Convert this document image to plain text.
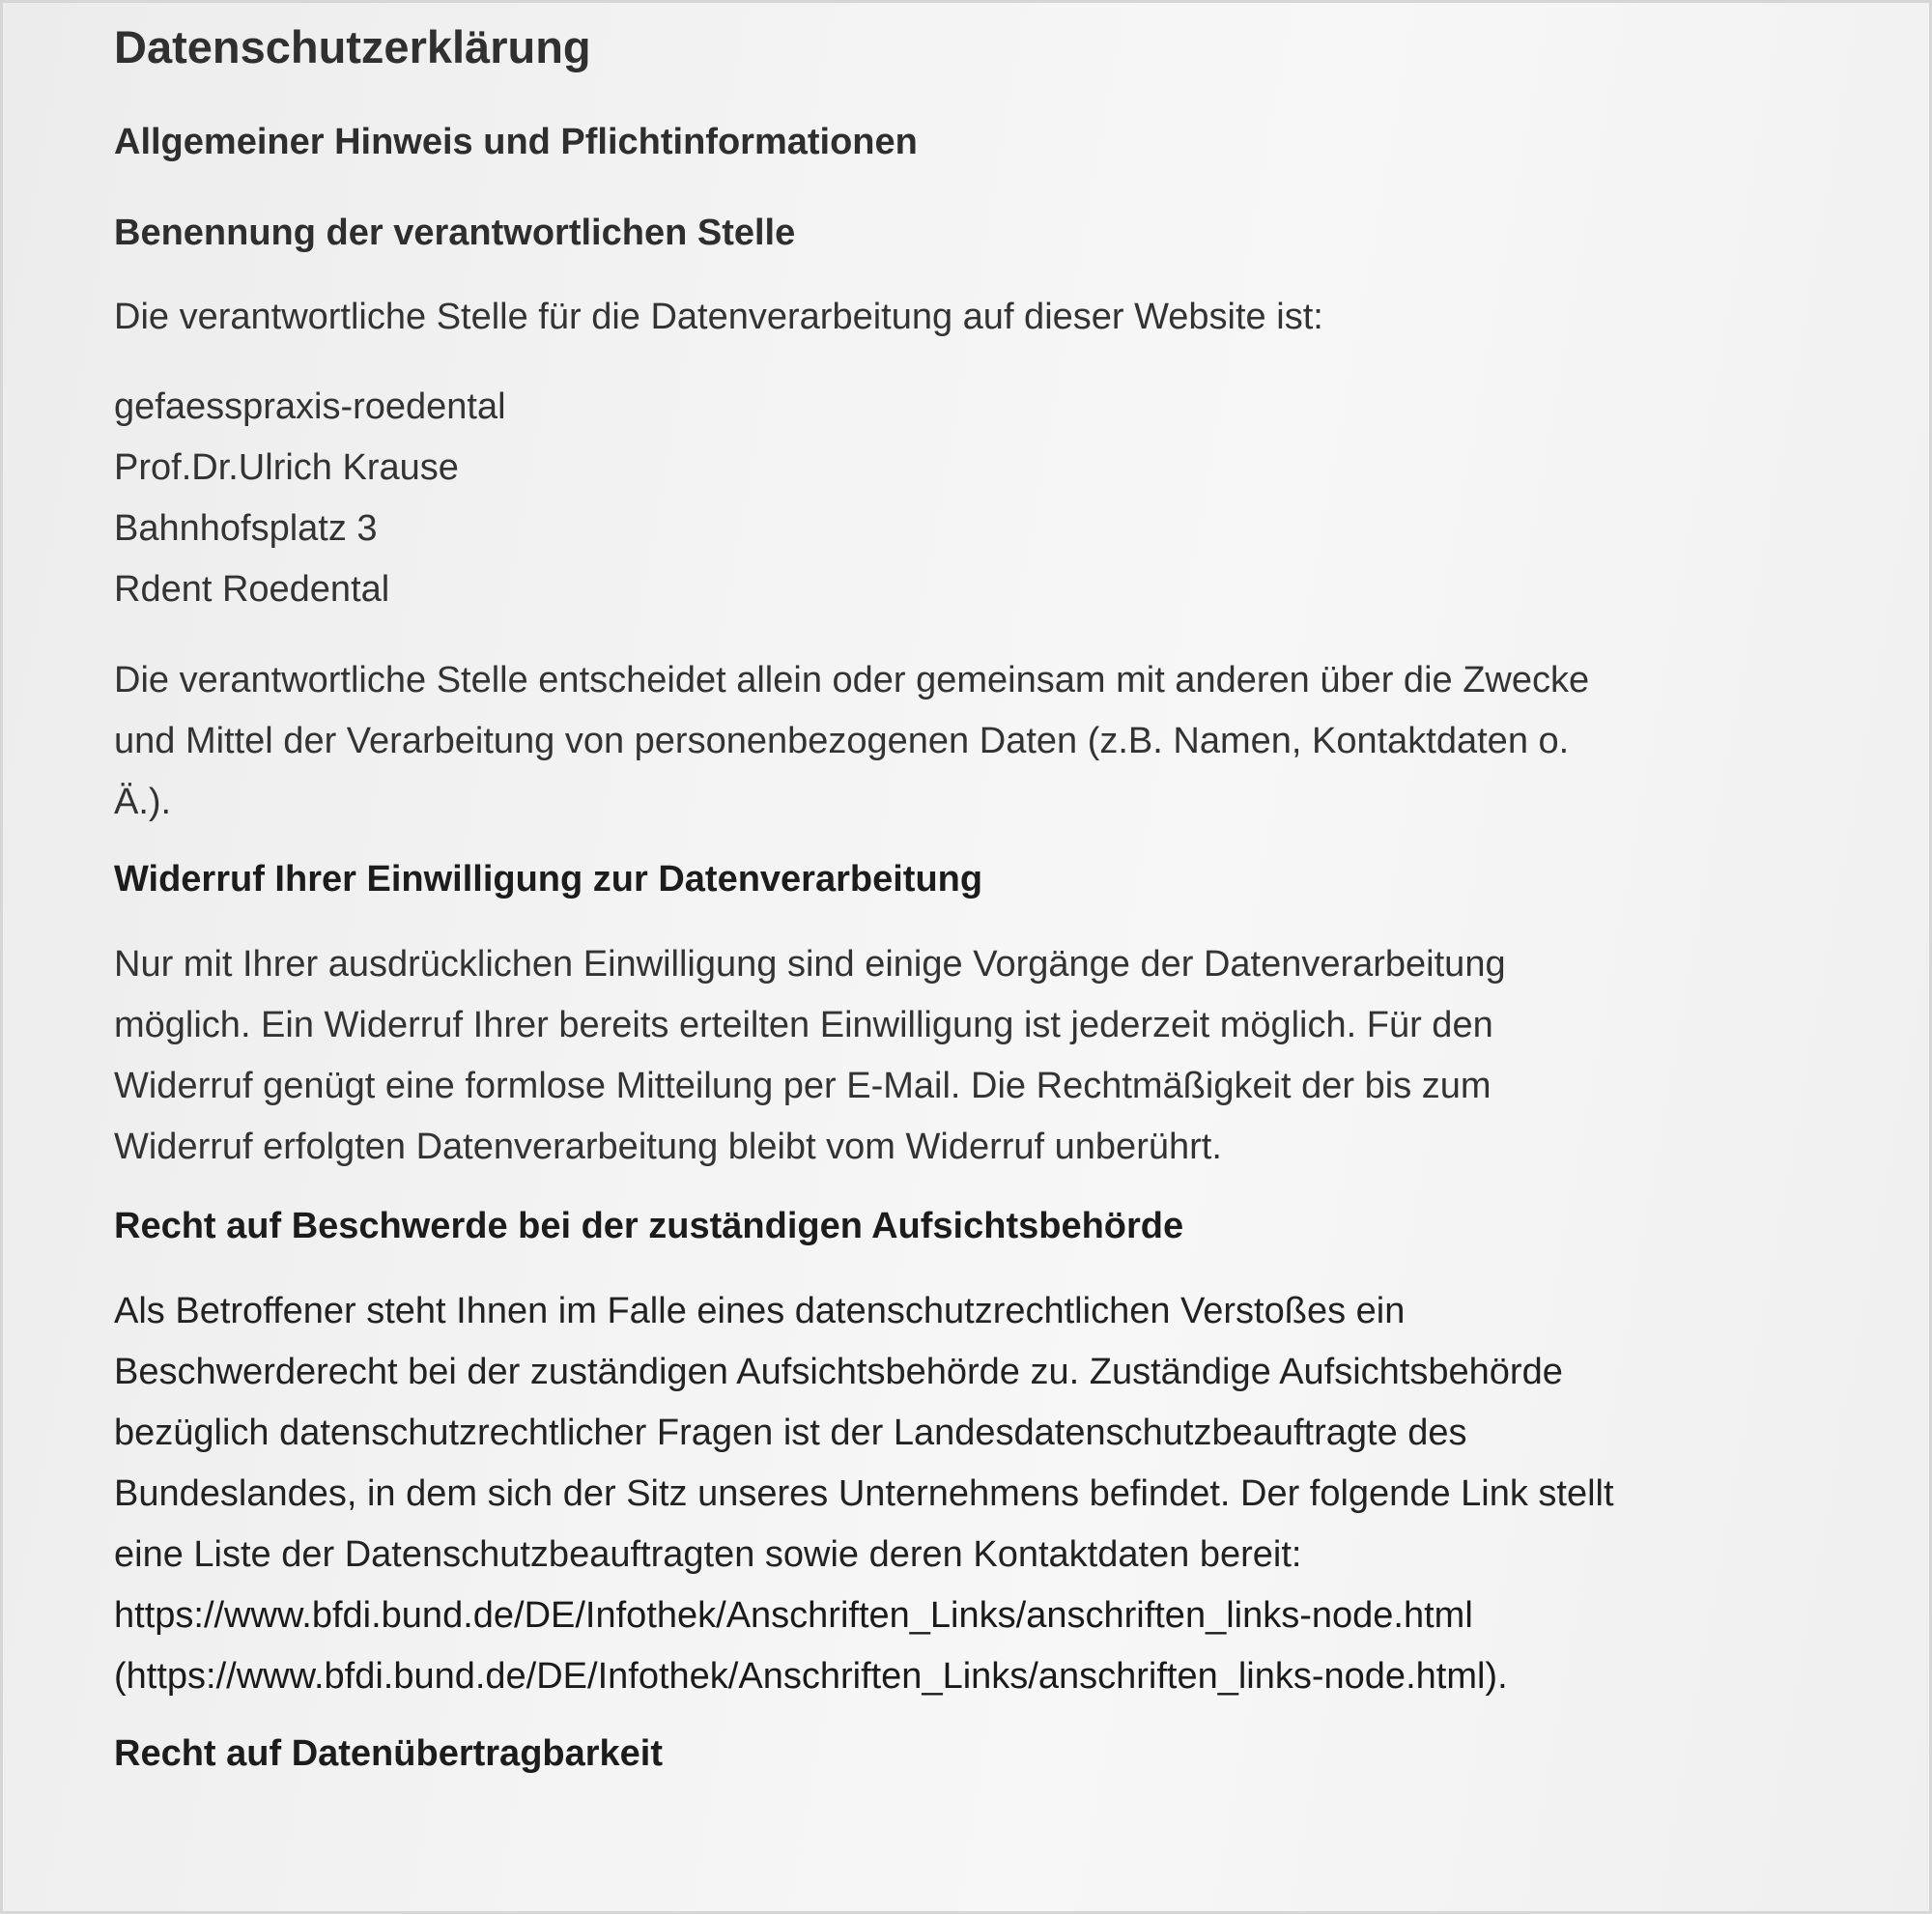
Datenschutzerklärung
Allgemeiner Hinweis und Pflichtinformationen
Benennung der verantwortlichen Stelle

Die verantwortliche Stelle für die Datenverarbeitung auf dieser Website ist:

gefaesspraxis-roedental
Prof.Dr.Ulrich Krause
Bahnhofsplatz 3
Rdent Roedental
Die verantwortliche Stelle entscheidet allein oder gemeinsam mit anderen über die Zwecke
und Mittel der Verarbeitung von personenbezogenen Daten (z.B. Namen, Kontaktdaten o.
Ä.).
Widerruf Ihrer Einwilligung zur Datenverarbeitung
Nur mit Ihrer ausdrücklichen Einwilligung sind einige Vorgänge der Datenverarbeitung
möglich. Ein Widerruf Ihrer bereits erteilten Einwilligung ist jederzeit möglich. Für den
Widerruf genügt eine formlose Mitteilung per E-Mail. Die Rechtmäßigkeit der bis zum
Widerruf erfolgten Datenverarbeitung bleibt vom Widerruf unberührt.
Recht auf Beschwerde bei der zuständigen Aufsichtsbehörde
Als Betroffener steht Ihnen im Falle eines datenschutzrechtlichen Verstoßes ein
Beschwerderecht bei der zuständigen Aufsichtsbehörde zu. Zuständige Aufsichtsbehörde
bezüglich datenschutzrechtlicher Fragen ist der Landesdatenschutzbeauftragte des
Bundeslandes, in dem sich der Sitz unseres Unternehmens befindet. Der folgende Link stellt
eine Liste der Datenschutzbeauftragten sowie deren Kontaktdaten bereit:
https://www.bfdi.bund.de/DE/Infothek/Anschriften_Links/anschriften_links-node.html
(https://www.bfdi.bund.de/DE/Infothek/Anschriften_Links/anschriften_links-node.html).
Recht auf Datenübertragbarkeit
